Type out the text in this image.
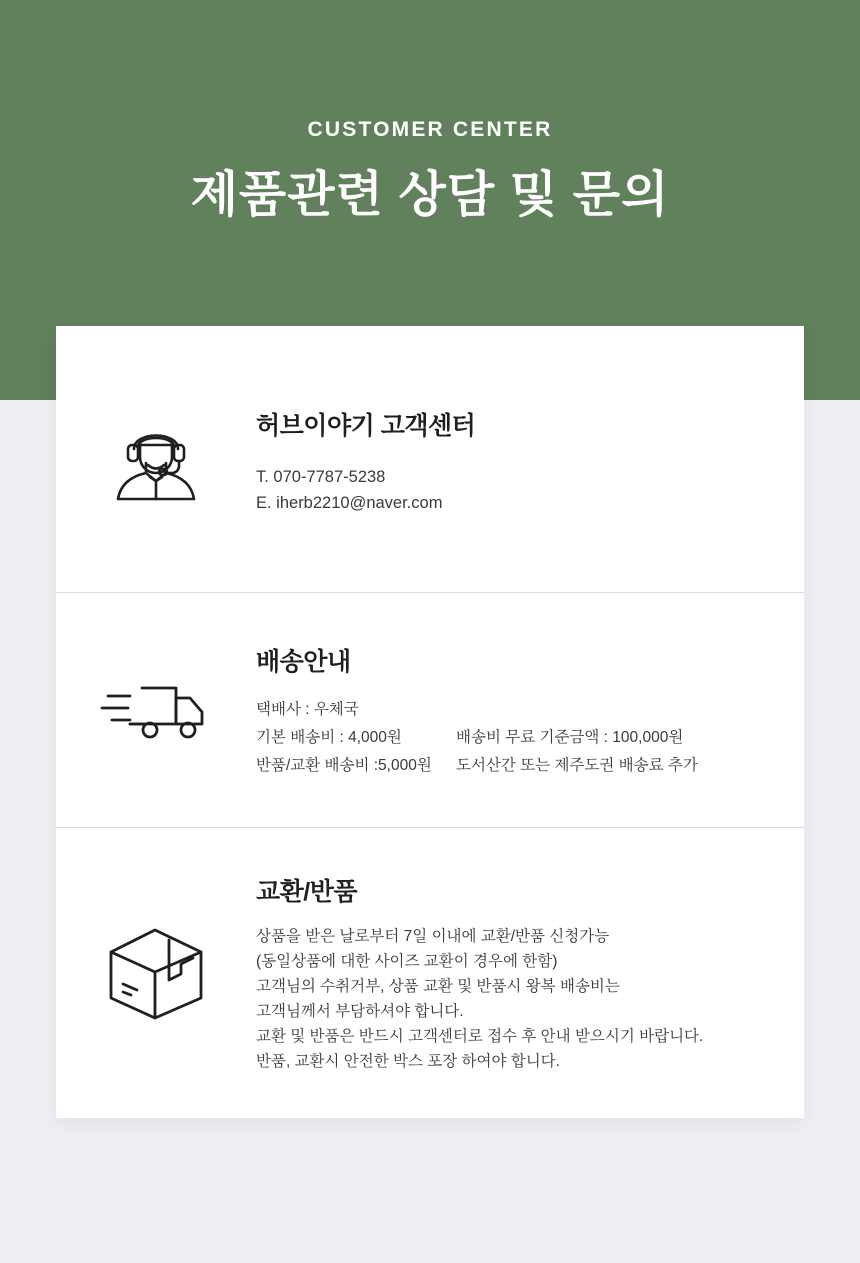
CUSTOMER CENTER
제품관련 상담 및 문의
허브이야기 고객센터
T. 070-7787-5238
E. iherb2210@naver.com
배송안내
택배사 : 우체국
기본 배송비 : 4,000원	배송비 무료 기준금액 : 100,000원
반품/교환 배송비 :5,000원	도서산간 또는 제주도권 배송료 추가
교환/반품
상품을 받은 날로부터 7일 이내에 교환/반품 신청가능
(동일상품에 대한 사이즈 교환이 경우에 한함)
고객님의 수취거부, 상품 교환 및 반품시 왕복 배송비는
고객님께서 부담하셔야 합니다.
교환 및 반품은 반드시 고객센터로 접수 후 안내 받으시기 바랍니다.
반품, 교환시 안전한 박스 포장 하여야 합니다.
